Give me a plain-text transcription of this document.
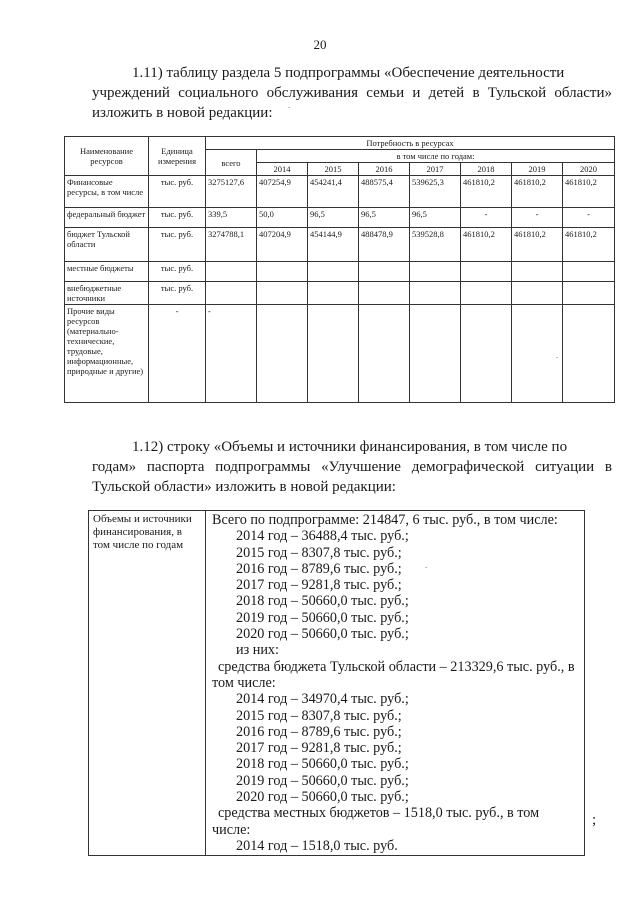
20
1.11) таблицу раздела 5 подпрограммы «Обеспечение деятельности
учреждений социального обслуживания семьи и детей в Тульской области» изложить в новой редакции:
Наименование ресурсов	Единица измерения	Потребность в ресурсах							
		всего	в том числе по годам:						
			2014	2015	2016	2017	2018	2019	2020
Финансовые ресурсы, в том числе	тыс. руб.	3275127,6	407254,9	454241,4	488575,4	539625,3	461810,2	461810,2	461810,2
федеральный бюджет	тыс. руб.	339,5	50,0	96,5	96,5	96,5	-	-	-
бюджет Тульской области	тыс. руб.	3274788,1	407204,9	454144,9	488478,9	539528,8	461810,2	461810,2	461810,2
местные бюджеты	тыс. руб.								
внебюджетные источники	тыс. руб.								
Прочие виды ресурсов (материально-технические, трудовые, информационные, природные и другие)	-	-							
1.12) строку «Объемы и источники финансирования, в том числе по
годам» паспорта подпрограммы «Улучшение демографической ситуации в Тульской области» изложить в новой редакции:
Объемы и источники финансирования, в том числе по годам	
Всего по подпрограмме: 214847, 6 тыс. руб., в том числе:
2014 год – 36488,4 тыс. руб.;
2015 год – 8307,8 тыс. руб.;
2016 год – 8789,6 тыс. руб.;
2017 год – 9281,8 тыс. руб.;
2018 год – 50660,0 тыс. руб.;
2019 год – 50660,0 тыс. руб.;
2020 год – 50660,0 тыс. руб.;
из них:
средства бюджета Тульской области – 213329,6 тыс. руб., в том числе:
2014 год – 34970,4 тыс. руб.;
2015 год – 8307,8 тыс. руб.;
2016 год – 8789,6 тыс. руб.;
2017 год – 9281,8 тыс. руб.;
2018 год – 50660,0 тыс. руб.;
2019 год – 50660,0 тыс. руб.;
2020 год – 50660,0 тыс. руб.;
средства местных бюджетов – 1518,0 тыс. руб., в том числе:
2014 год – 1518,0 тыс. руб.
;
.
.
.
